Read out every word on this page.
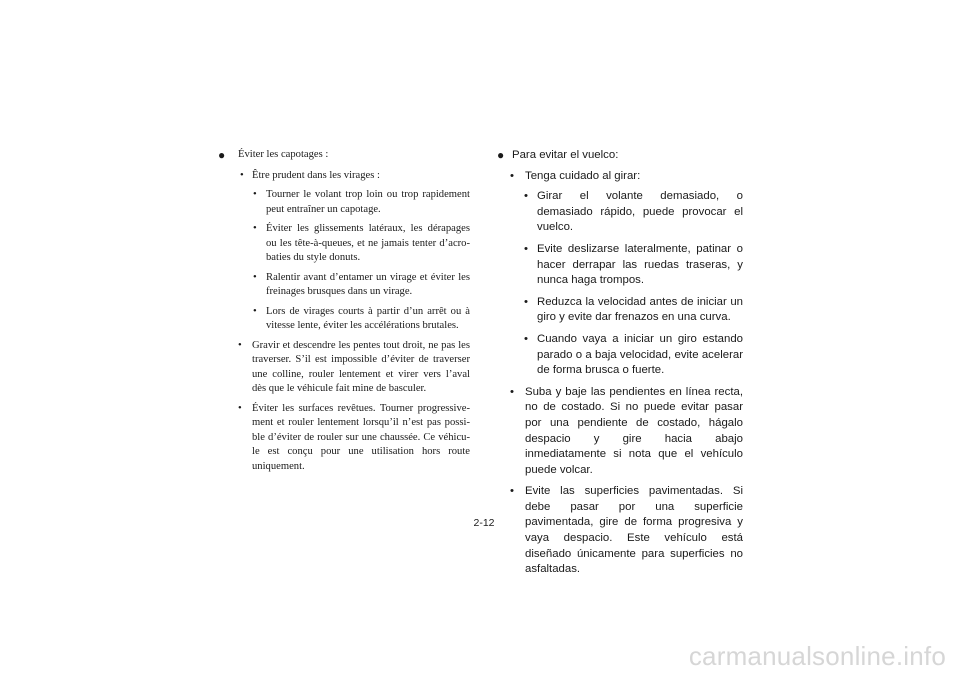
● Éviter les capotages :
• Être prudent dans les virages :
• Tourner le volant trop loin ou trop rapidement peut entraîner un capotage.
• Éviter les glissements latéraux, les dérapages ou les tête-à-queues, et ne jamais tenter d’acrobaties du style donuts.
• Ralentir avant d’entamer un virage et éviter les freinages brusques dans un virage.
• Lors de virages courts à partir d’un arrêt ou à vitesse lente, éviter les accélérations brutales.
• Gravir et descendre les pentes tout droit, ne pas les traverser. S’il est impossible d’éviter de traverser une colline, rouler lentement et virer vers l’aval dès que le véhicule fait mine de basculer.
• Éviter les surfaces revêtues. Tourner progressivement et rouler lentement lorsqu’il n’est pas possible d’éviter de rouler sur une chaussée. Ce véhicule est conçu pour une utilisation hors route uniquement.
● Para evitar el vuelco:
• Tenga cuidado al girar:
• Girar el volante demasiado, o demasiado rápido, puede provocar el vuelco.
• Evite deslizarse lateralmente, patinar o hacer derrapar las ruedas traseras, y nunca haga trompos.
• Reduzca la velocidad antes de iniciar un giro y evite dar frenazos en una curva.
• Cuando vaya a iniciar un giro estando parado o a baja velocidad, evite acelerar de forma brusca o fuerte.
• Suba y baje las pendientes en línea recta, no de costado. Si no puede evitar pasar por una pendiente de costado, hágalo despacio y gire hacia abajo inmediatamente si nota que el vehículo puede volcar.
• Evite las superficies pavimentadas. Si debe pasar por una superficie pavimentada, gire de forma progresiva y vaya despacio. Este vehículo está diseñado únicamente para superficies no asfaltadas.
2-12
carmanualsonline.info
